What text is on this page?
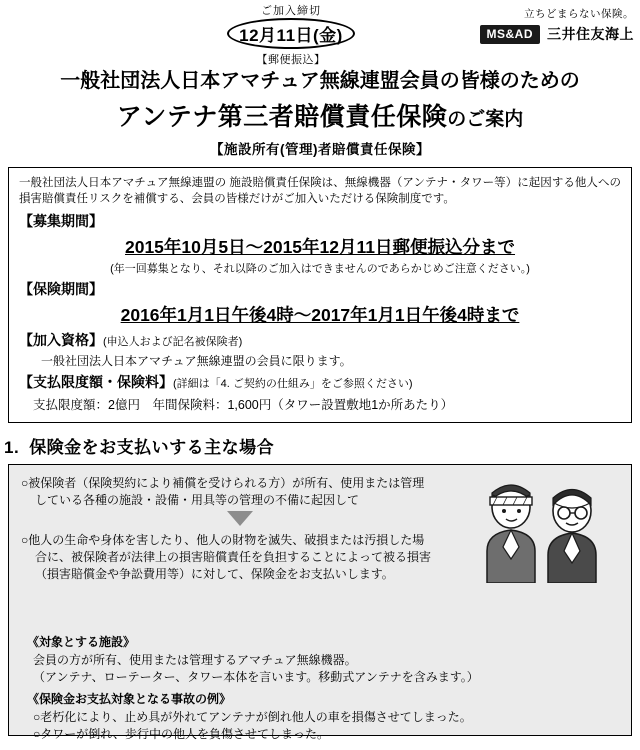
ご加入締切
12月11日(金)
【郵便振込】
立ちどまらない保険。
MS&AD	三井住友海上
一般社団法人日本アマチュア無線連盟会員の皆様のための
アンテナ第三者賠償責任保険のご案内
【施設所有(管理)者賠償責任保険】

一般社団法人日本アマチュア無線連盟の 施設賠償責任保険は、無線機器（アンテナ・タワー等）に起因する他人への損害賠償責任リスクを補償する、会員の皆様だけがご加入いただける保険制度です。

【募集期間】
2015年10月5日〜2015年12月11日郵便振込分まで
(年一回募集となり、それ以降のご加入はできませんのであらかじめご注意ください。)
【保険期間】
2016年1月1日午後4時〜2017年1月1日午後4時まで
【加入資格】(申込人および記名被保険者)
一般社団法人日本アマチュア無線連盟の会員に限ります。
【支払限度額・保険料】(詳細は「4. ご契約の仕組み」をご参照ください)
支払限度額：2億円　年間保険料：1,600円（タワー設置敷地1か所あたり）
1. 保険金をお支払いする主な場合

○被保険者（保険契約により補償を受けられる方）が所有、使用または管理
している各種の施設・設備・用具等の管理の不備に起因して

○他人の生命や身体を害したり、他人の財物を滅失、破損または汚損した場
合に、被保険者が法律上の損害賠償責任を負担することによって被る損害
（損害賠償金や争訟費用等）に対して、保険金をお支払いします。

《対象とする施設》
会員の方が所有、使用または管理するアマチュア無線機器。
（アンテナ、ローテーター、タワー本体を言います。移動式アンテナを含みます。）
《保険金お支払対象となる事故の例》
○老朽化により、止め具が外れてアンテナが倒れ他人の車を損傷させてしまった。
○タワーが倒れ、歩行中の他人を負傷させてしまった。
